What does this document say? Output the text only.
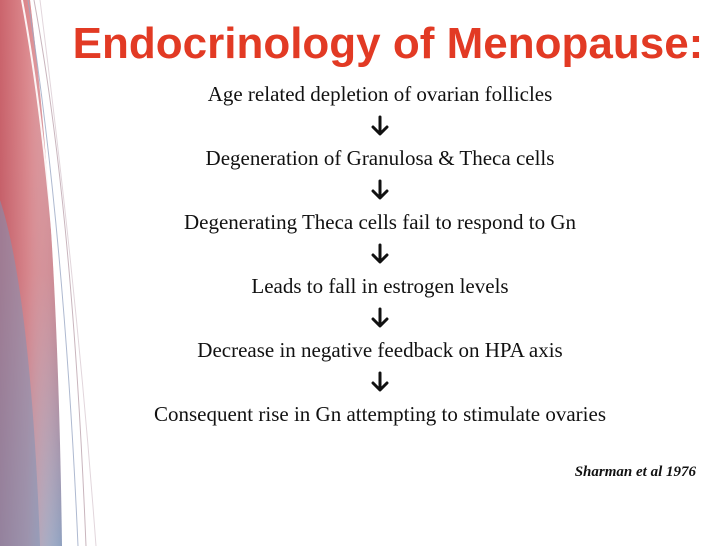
Endocrinology of Menopause:
Age related depletion of ovarian follicles
Degeneration of Granulosa & Theca cells
Degenerating Theca cells fail to respond to Gn
Leads to fall in estrogen levels
Decrease in negative feedback on HPA axis
Consequent rise in Gn attempting to stimulate ovaries
Sharman et al 1976
